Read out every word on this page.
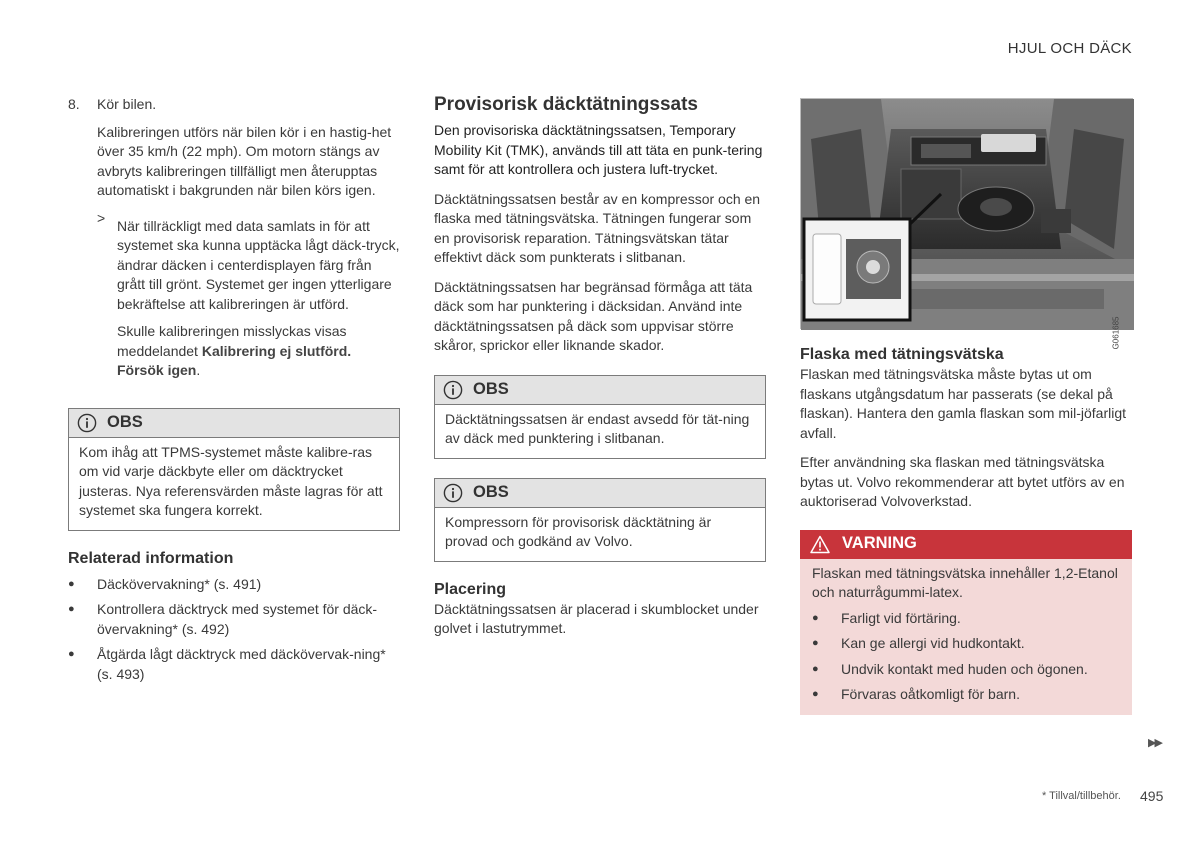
HJUL OCH DÄCK
8.	Kör bilen.

Kalibreringen utförs när bilen kör i en hastig-het över 35 km/h (22 mph). Om motorn stängs av avbryts kalibreringen tillfälligt men återupptas automatiskt i bakgrunden när bilen körs igen.

> När tillräckligt med data samlats in för att systemet ska kunna upptäcka lågt däck-tryck, ändrar däcken i centerdisplayen färg från grått till grönt. Systemet ger ingen ytterligare bekräftelse att kalibreringen är utförd.

Skulle kalibreringen misslyckas visas meddelandet Kalibrering ej slutförd. Försök igen.

OBS
Kom ihåg att TPMS-systemet måste kalibre-ras om vid varje däckbyte eller om däcktrycket justeras. Nya referensvärden måste lagras för att systemet ska fungera korrekt.
Relaterad information
●	Däckövervakning* (s. 491)
●	Kontrollera däcktryck med systemet för däck-övervakning* (s. 492)
●	Åtgärda lågt däcktryck med däckövervak-ning* (s. 493)
Provisorisk däcktätningssats

Den provisoriska däcktätningssatsen, Temporary Mobility Kit (TMK), används till att täta en punk-tering samt för att kontrollera och justera luft-trycket.

Däcktätningssatsen består av en kompressor och en flaska med tätningsvätska. Tätningen fungerar som en provisorisk reparation. Tätningsvätskan tätar effektivt däck som punkterats i slitbanan.

Däcktätningssatsen har begränsad förmåga att täta däck som har punktering i däcksidan. Använd inte däcktätningssatsen på däck som uppvisar större skåror, sprickor eller liknande skador.

OBS
Däcktätningssatsen är endast avsedd för tät-ning av däck med punktering i slitbanan.
OBS
Kompressorn för provisorisk däcktätning är provad och godkänd av Volvo.
Placering

Däcktätningssatsen är placerad i skumblocket under golvet i lastutrymmet.

G061685
Flaska med tätningsvätska

Flaskan med tätningsvätska måste bytas ut om flaskans utgångsdatum har passerats (se dekal på flaskan). Hantera den gamla flaskan som mil-jöfarligt avfall.

Efter användning ska flaskan med tätningsvätska bytas ut. Volvo rekommenderar att bytet utförs av en auktoriserad Volvoverkstad.

VARNING

Flaskan med tätningsvätska innehåller 1,2-Etanol och naturrågummi-latex.

●	Farligt vid förtäring.
●	Kan ge allergi vid hudkontakt.
●	Undvik kontakt med huden och ögonen.
●	Förvaras oåtkomligt för barn.
▶▶
* Tillval/tillbehör. 495
